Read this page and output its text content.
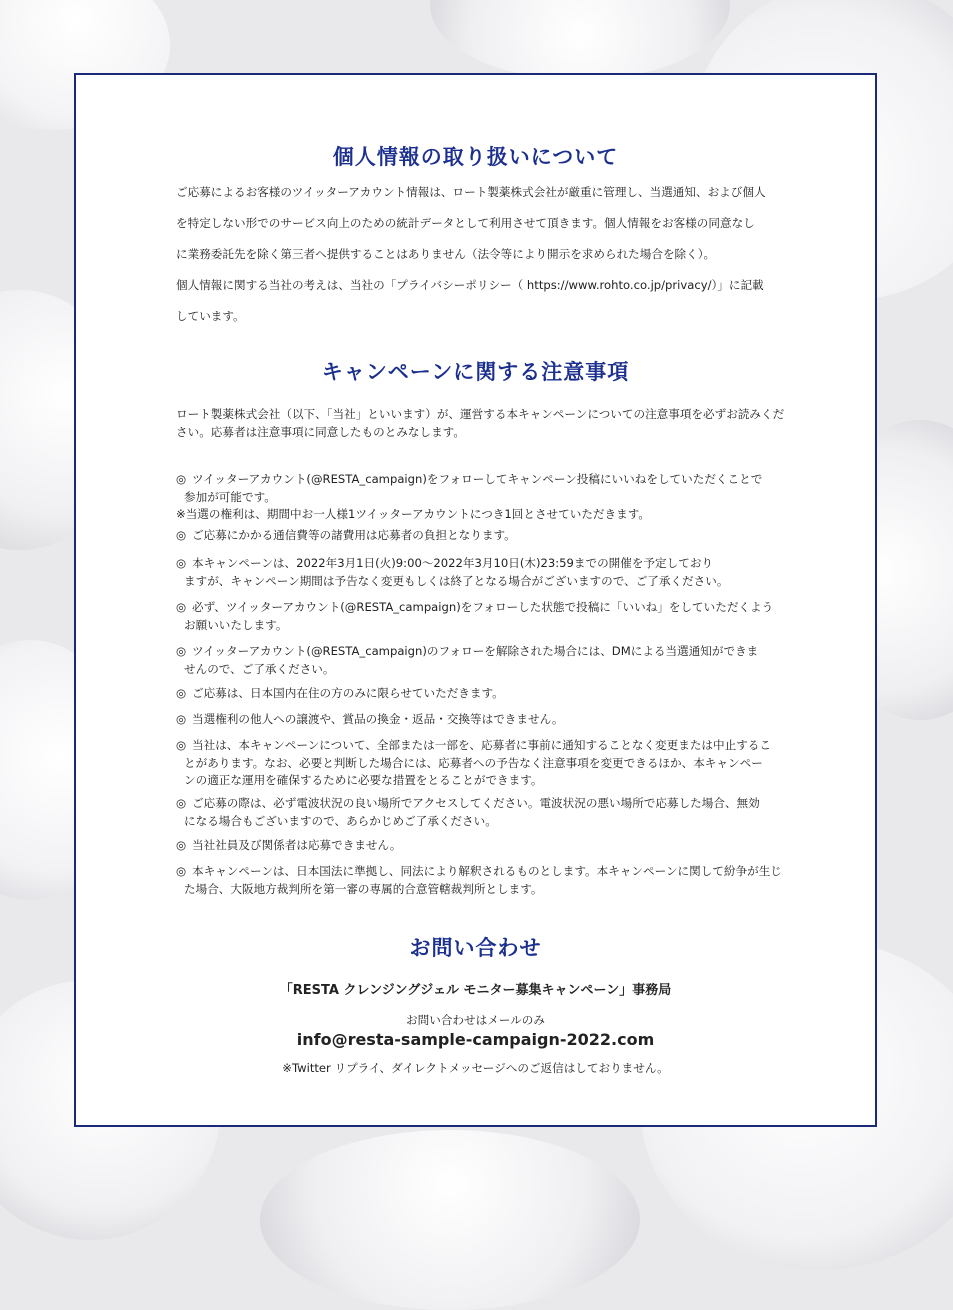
個人情報の取り扱いについて

ご応募によるお客様のツイッターアカウント情報は、ロート製薬株式会社が厳重に管理し、当選通知、および個人

を特定しない形でのサービス向上のための統計データとして利用させて頂きます。個人情報をお客様の同意なし

に業務委託先を除く第三者へ提供することはありません（法令等により開示を求められた場合を除く）。

個人情報に関する当社の考えは、当社の「プライバシーポリシー（ https://www.rohto.co.jp/privacy/）」に記載

しています。

キャンペーンに関する注意事項

ロート製薬株式会社（以下、「当社」といいます）が、運営する本キャンペーンについての注意事項を必ずお読みくだ

さい。応募者は注意事項に同意したものとみなします。

◎ ツイッターアカウント(@RESTA_campaign)をフォローしてキャンペーン投稿にいいねをしていただくことで
参加が可能です。
※当選の権利は、期間中お一人様1ツイッターアカウントにつき1回とさせていただきます。
◎ ご応募にかかる通信費等の諸費用は応募者の負担となります。
◎ 本キャンペーンは、2022年3月1日(火)9:00～2022年3月10日(木)23:59までの開催を予定しており
ますが、キャンペーン期間は予告なく変更もしくは終了となる場合がございますので、ご了承ください。
◎ 必ず、ツイッターアカウント(@RESTA_campaign)をフォローした状態で投稿に「いいね」をしていただくよう
お願いいたします。
◎ ツイッターアカウント(@RESTA_campaign)のフォローを解除された場合には、DMによる当選通知ができま
せんので、ご了承ください。
◎ ご応募は、日本国内在住の方のみに限らせていただきます。
◎ 当選権利の他人への譲渡や、賞品の換金・返品・交換等はできません。
◎ 当社は、本キャンペーンについて、全部または一部を、応募者に事前に通知することなく変更または中止するこ
とがあります。なお、必要と判断した場合には、応募者への予告なく注意事項を変更できるほか、本キャンペー
ンの適正な運用を確保するために必要な措置をとることができます。
◎ ご応募の際は、必ず電波状況の良い場所でアクセスしてください。電波状況の悪い場所で応募した場合、無効
になる場合もございますので、あらかじめご了承ください。
◎ 当社社員及び関係者は応募できません。
◎ 本キャンペーンは、日本国法に準拠し、同法により解釈されるものとします。本キャンペーンに関して紛争が生じ
た場合、大阪地方裁判所を第一審の専属的合意管轄裁判所とします。
お問い合わせ
「RESTA クレンジングジェル モニター募集キャンペーン」事務局
お問い合わせはメールのみ
info@resta-sample-campaign-2022.com
※Twitter リプライ、ダイレクトメッセージへのご返信はしておりません。
